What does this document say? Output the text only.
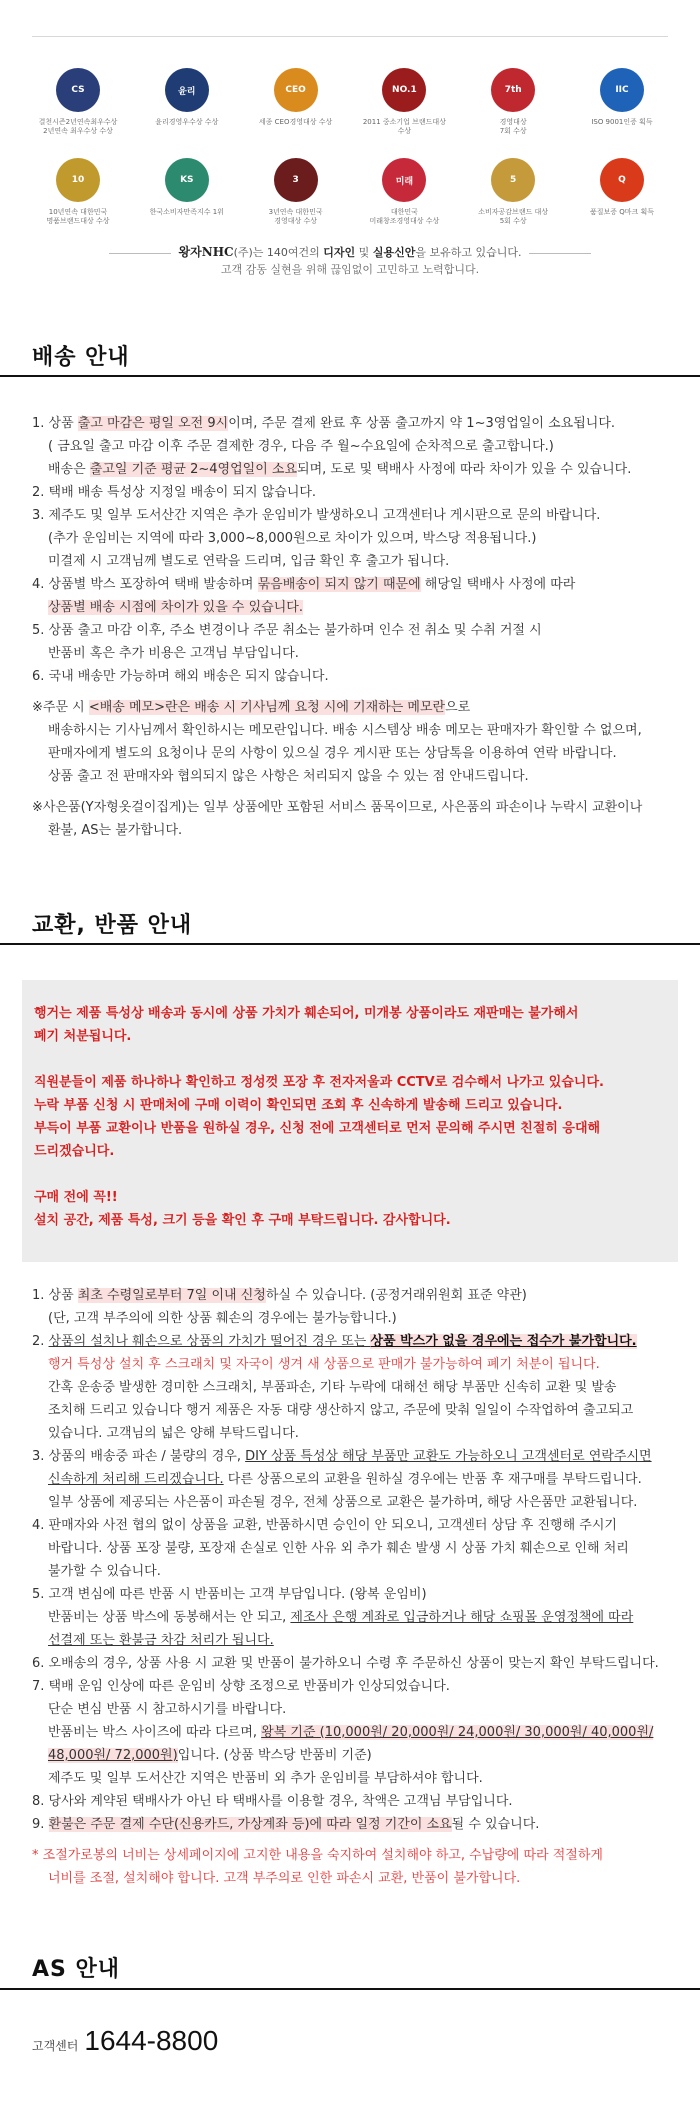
CS
결천시즌2년연속최우수상
2년연속 최우수상 수상
윤리
윤리경영우수상 수상
CEO
세종 CEO경영대상 수상
NO.1
2011 중소기업 브랜드대상 수상
7th
경영대상
7회 수상
IIC
ISO 9001인증 획득
10
10년연속 대한민국
명품브랜드대상 수상
KS
한국소비자만족지수 1위
3
3년연속 대한민국
경영대상 수상
미래
대한민국
미래창조경영대상 수상
5
소비자공감브랜드 대상
5회 수상
Q
품질보증 Q마크 획득
왕자NHC(주)는 140여건의 디자인 및 실용신안을 보유하고 있습니다.
고객 감동 실현을 위해 끊임없이 고민하고 노력합니다.
배송 안내
1. 상품 출고 마감은 평일 오전 9시이며, 주문 결제 완료 후 상품 출고까지 약 1~3영업일이 소요됩니다.
( 금요일 출고 마감 이후 주문 결제한 경우, 다음 주 월~수요일에 순차적으로 출고합니다.)
배송은 출고일 기준 평균 2~4영업일이 소요되며, 도로 및 택배사 사정에 따라 차이가 있을 수 있습니다.
2. 택배 배송 특성상 지정일 배송이 되지 않습니다.
3. 제주도 및 일부 도서산간 지역은 추가 운임비가 발생하오니 고객센터나 게시판으로 문의 바랍니다.
(추가 운임비는 지역에 따라 3,000~8,000원으로 차이가 있으며, 박스당 적용됩니다.)
미결제 시 고객님께 별도로 연락을 드리며, 입금 확인 후 출고가 됩니다.
4. 상품별 박스 포장하여 택배 발송하며 묶음배송이 되지 않기 때문에 해당일 택배사 사정에 따라
상품별 배송 시점에 차이가 있을 수 있습니다.
5. 상품 출고 마감 이후, 주소 변경이나 주문 취소는 불가하며 인수 전 취소 및 수취 거절 시
반품비 혹은 추가 비용은 고객님 부담입니다.
6. 국내 배송만 가능하며 해외 배송은 되지 않습니다.
※주문 시 <배송 메모>란은 배송 시 기사님께 요청 시에 기재하는 메모란으로
배송하시는 기사님께서 확인하시는 메모란입니다. 배송 시스템상 배송 메모는 판매자가 확인할 수 없으며,
판매자에게 별도의 요청이나 문의 사항이 있으실 경우 게시판 또는 상담톡을 이용하여 연락 바랍니다.
상품 출고 전 판매자와 협의되지 않은 사항은 처리되지 않을 수 있는 점 안내드립니다.
※사은품(Y자형옷걸이집게)는 일부 상품에만 포함된 서비스 품목이므로, 사은품의 파손이나 누락시 교환이나
환불, AS는 불가합니다.
교환, 반품 안내
행거는 제품 특성상 배송과 동시에 상품 가치가 훼손되어, 미개봉 상품이라도 재판매는 불가해서
폐기 처분됩니다.
직원분들이 제품 하나하나 확인하고 정성껏 포장 후 전자저울과 CCTV로 검수해서 나가고 있습니다.
누락 부품 신청 시 판매처에 구매 이력이 확인되면 조회 후 신속하게 발송해 드리고 있습니다.
부득이 부품 교환이나 반품을 원하실 경우, 신청 전에 고객센터로 먼저 문의해 주시면 친절히 응대해
드리겠습니다.
구매 전에 꼭!!
설치 공간, 제품 특성, 크기 등을 확인 후 구매 부탁드립니다. 감사합니다.
1. 상품 최초 수령일로부터 7일 이내 신청하실 수 있습니다. (공정거래위원회 표준 약관)
(단, 고객 부주의에 의한 상품 훼손의 경우에는 불가능합니다.)
2. 상품의 설치나 훼손으로 상품의 가치가 떨어진 경우 또는 상품 박스가 없을 경우에는 접수가 불가합니다.
행거 특성상 설치 후 스크래치 및 자국이 생겨 새 상품으로 판매가 불가능하여 폐기 처분이 됩니다.
간혹 운송중 발생한 경미한 스크래치, 부품파손, 기타 누락에 대해선 해당 부품만 신속히 교환 및 발송
조치해 드리고 있습니다 행거 제품은 자동 대량 생산하지 않고, 주문에 맞춰 일일이 수작업하여 출고되고
있습니다. 고객님의 넓은 양해 부탁드립니다.
3. 상품의 배송중 파손 / 불량의 경우, DIY 상품 특성상 해당 부품만 교환도 가능하오니 고객센터로 연락주시면
신속하게 처리해 드리겠습니다. 다른 상품으로의 교환을 원하실 경우에는 반품 후 재구매를 부탁드립니다.
일부 상품에 제공되는 사은품이 파손될 경우, 전체 상품으로 교환은 불가하며, 해당 사은품만 교환됩니다.
4. 판매자와 사전 협의 없이 상품을 교환, 반품하시면 승인이 안 되오니, 고객센터 상담 후 진행해 주시기
바랍니다. 상품 포장 불량, 포장재 손실로 인한 사유 외 추가 훼손 발생 시 상품 가치 훼손으로 인해 처리
불가할 수 있습니다.
5. 고객 변심에 따른 반품 시 반품비는 고객 부담입니다. (왕복 운임비)
반품비는 상품 박스에 동봉해서는 안 되고, 제조사 은행 계좌로 입금하거나 해당 쇼핑몰 운영정책에 따라
선결제 또는 환불금 차감 처리가 됩니다.
6. 오배송의 경우, 상품 사용 시 교환 및 반품이 불가하오니 수령 후 주문하신 상품이 맞는지 확인 부탁드립니다.
7. 택배 운임 인상에 따른 운임비 상향 조정으로 반품비가 인상되었습니다.
단순 변심 반품 시 참고하시기를 바랍니다.
반품비는 박스 사이즈에 따라 다르며, 왕복 기준 (10,000원/ 20,000원/ 24,000원/ 30,000원/ 40,000원/
48,000원/ 72,000원)입니다. (상품 박스당 반품비 기준)
제주도 및 일부 도서산간 지역은 반품비 외 추가 운임비를 부담하셔야 합니다.
8. 당사와 계약된 택배사가 아닌 타 택배사를 이용할 경우, 착액은 고객님 부담입니다.
9. 환불은 주문 결제 수단(신용카드, 가상계좌 등)에 따라 일정 기간이 소요될 수 있습니다.
* 조절가로봉의 너비는 상세페이지에 고지한 내용을 숙지하여 설치해야 하고, 수납량에 따라 적절하게
너비를 조절, 설치해야 합니다. 고객 부주의로 인한 파손시 교환, 반품이 불가합니다.
AS 안내
고객센터 1644-8800
